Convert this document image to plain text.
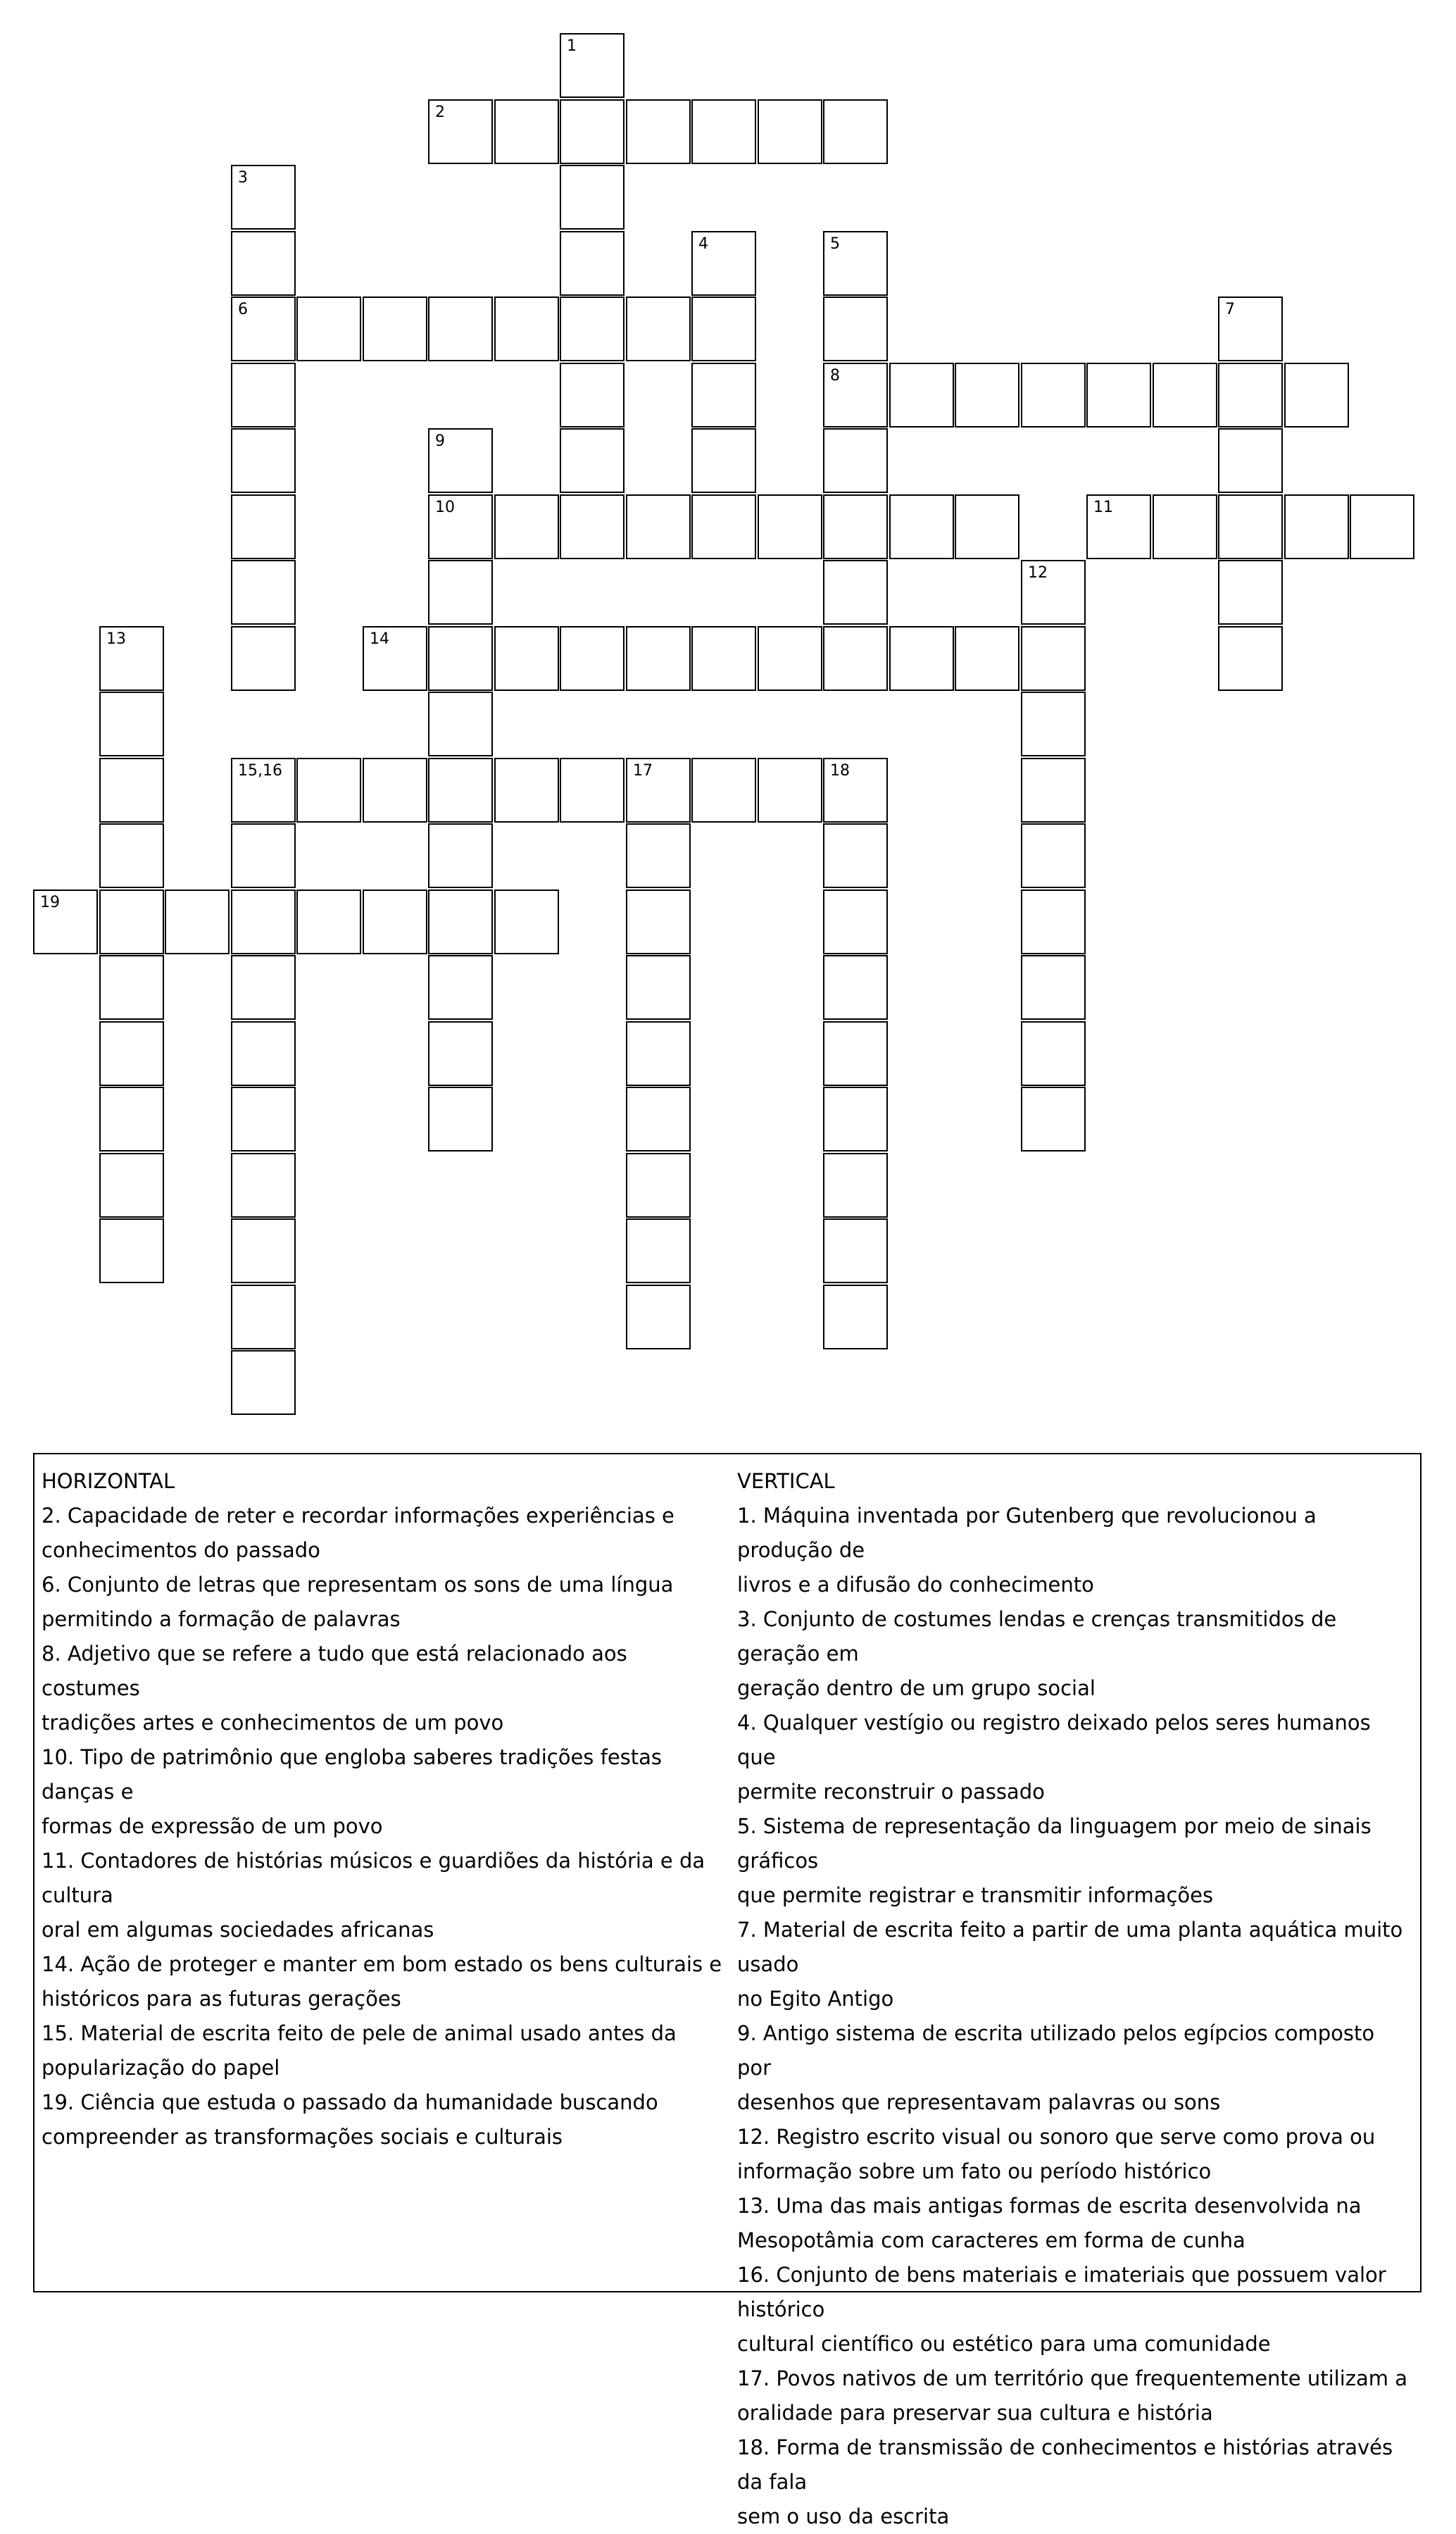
1
2
3
4	5
6	7
8
9
10	11
12
13	14
15,16	17	18
19
HORIZONTAL
2. Capacidade de reter e recordar informações experiências e
conhecimentos do passado
6. Conjunto de letras que representam os sons de uma língua
permitindo a formação de palavras
8. Adjetivo que se refere a tudo que está relacionado aos costumes
tradições artes e conhecimentos de um povo
10. Tipo de patrimônio que engloba saberes tradições festas danças e
formas de expressão de um povo
11. Contadores de histórias músicos e guardiões da história e da cultura
oral em algumas sociedades africanas
14. Ação de proteger e manter em bom estado os bens culturais e
históricos para as futuras gerações
15. Material de escrita feito de pele de animal usado antes da
popularização do papel
19. Ciência que estuda o passado da humanidade buscando
compreender as transformações sociais e culturais
VERTICAL
1. Máquina inventada por Gutenberg que revolucionou a produção de
livros e a difusão do conhecimento
3. Conjunto de costumes lendas e crenças transmitidos de geração em
geração dentro de um grupo social
4. Qualquer vestígio ou registro deixado pelos seres humanos que
permite reconstruir o passado
5. Sistema de representação da linguagem por meio de sinais gráficos
que permite registrar e transmitir informações
7. Material de escrita feito a partir de uma planta aquática muito usado
no Egito Antigo
9. Antigo sistema de escrita utilizado pelos egípcios composto por
desenhos que representavam palavras ou sons
12. Registro escrito visual ou sonoro que serve como prova ou
informação sobre um fato ou período histórico
13. Uma das mais antigas formas de escrita desenvolvida na
Mesopotâmia com caracteres em forma de cunha
16. Conjunto de bens materiais e imateriais que possuem valor histórico
cultural científico ou estético para uma comunidade
17. Povos nativos de um território que frequentemente utilizam a
oralidade para preservar sua cultura e história
18. Forma de transmissão de conhecimentos e histórias através da fala
sem o uso da escrita
